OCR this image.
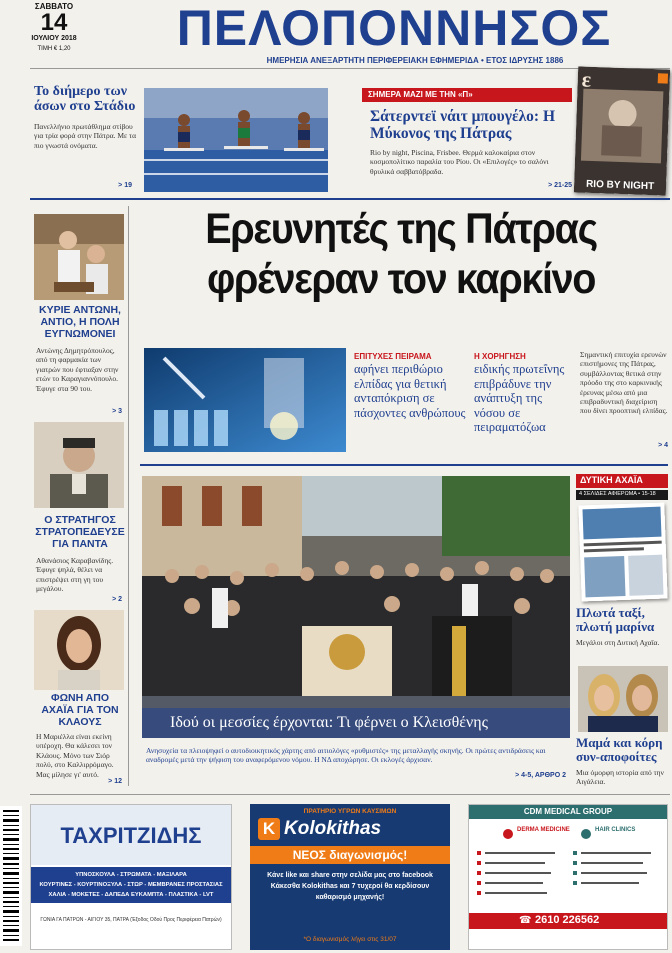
ΣΑΒΒΑΤΟ
14
ΙΟΥΛΙΟΥ 2018
ΤΙΜΗ € 1,20	ΠΕΛΟΠΟΝΝΗΣΟΣ
ΗΜΕΡΗΣΙΑ ΑΝΕΞΑΡΤΗΤΗ ΠΕΡΙΦΕΡΕΙΑΚΗ ΕΦΗΜΕΡΙΔΑ • ΕΤΟΣ ΙΔΡΥΣΗΣ 1886
Το διήμερο των άσων στο Στάδιο
Πανελλήνιο πρωτάθλημα στίβου για τρία φορά στην Πάτρα. Με τα πιο γνωστά ονόματα.
> 19
ΣΗΜΕΡΑ ΜΑΖΙ ΜΕ ΤΗΝ «Π»
Σάτερντεϊ νάιτ μπουγέλο: Η Μύκονος της Πάτρας
Rio by night, Piscina, Frisbee. Θερμά καλοκαίρια στον κοσμοπολίτικο παραλία του Ρίου. Οι «Επιλογές» το σαλόνι θρυλικά σαββατόβραδα.
> 21-25
ε
RIO BY NIGHT
ΚΥΡΙΕ ΑΝΤΩΝΗ, ΑΝΤΙΟ, Η ΠΟΛΗ ΕΥΓΝΩΜΟΝΕΙ
Αντώνης Δημητρόπουλος, από τη φαρμακία των γιατρών που έφτιαξαν στην ετών το Καραγιαννόπουλο. Έφυγε στα 90 του.
> 3
Ο ΣΤΡΑΤΗΓΟΣ ΣΤΡΑΤΟΠΕΔΕΥΣΕ ΓΙΑ ΠΑΝΤΑ
Αθανάσιος Καραβανίδης. Έφυγε ψηλά, θέλει να επιστρέψει στη γη του μεγάλου.
> 2
ΦΩΝΗ ΑΠΟ ΑΧΑΪΑ ΓΙΑ ΤΟΝ ΚΛΑΟΥΣ
Η Μαριέλλα είναι εκείνη υπέροχη. Θα κάλεσει τον Κλάους. Μόνο των Σιόρ πολύ, στο Καλλιρρόμαγο. Μας μίλησε γι' αυτό.
> 12
Ερευνητές της Πάτρας
φρένεραν τον καρκίνο
ΕΠΙΤΥΧΕΣ ΠΕΙΡΑΜΑ
αφήνει περιθώριο ελπίδας για θετική ανταπόκριση σε πάσχοντες ανθρώπους
Η ΧΟΡΗΓΗΣΗ
ειδικής πρωτεΐνης επιβράδυνε την ανάπτυξη της νόσου σε πειραματόζωα
Σημαντική επιτυχία ερευνών επιστήμονες της Πάτρας, συμβάλλοντας θετικά στην πρόοδο της στο καρκινικής έρευνας μέσω από μια επιβραδυντική διαχείριση που δίνει προοπτική ελπίδας.
> 4
Ιδού οι μεσσίες έρχονται: Τι φέρνει ο Κλεισθένης
Ανησυχεία τα πλειοψηφεί ο αυτοδιοικητικός χάρτης από αιτιολόγες «ρυθμιστές» της μεταλλαγής σκηνής. Οι πρώτες αντιδράσεις και αναδρομές μετά την ψήφιση του αναφερόμενου νόμου. Η ΝΔ αποχώρησε. Οι εκλογές άρχισαν.
> 4-5, ΑΡΘΡΟ 2
ΔΥΤΙΚΗ ΑΧΑΪΑ
4 ΣΕΛΙΔΕΣ ΑΦΙΕΡΩΜΑ • 15-18
Πλωτά ταξί, πλωτή μαρίνα
Μεγάλοι στη Δυτική Αχαΐα.
Μαμά και κόρη συν-αποφοίτες
Μια όμορφη ιστορία από την Αιγάλεια.
ΤΑΧΡΙΤΖΙΔΗΣ
ΥΠΝΟΣΚΟΥΛΑ - ΣΤΡΩΜΑΤΑ - ΜΑΞΙΛΑΡΑ
ΚΟΥΡΤΙΝΕΣ - ΚΟΥΡΤΙΝΟΞΥΛΑ - ΣΤΩΡ - ΜΕΜΒΡΑΝΕΣ ΠΡΟΣΤΑΣΙΑΣ
ΧΑΛΙΑ - ΜΟΚΕΤΕΣ - ΔΑΠΕΔΑ ΕΥΚΑΜΠΤΑ - ΠΛΑΣΤΙΚΑ - LVT
ΓΩΝΙΑ ΓΑ ΠΑΤΡΩΝ - ΑΙΓΙΟΥ 35, ΠΑΤΡΑ (Έξοδος Οδού Προς Περιφέρεια Πατρών)
ΠΡΑΤΗΡΙΟ ΥΓΡΩΝ ΚΑΥΣΙΜΩΝ
K Kolokithas
ΝΕΟΣ διαγωνισμός!
Κάνε like και share στην σελίδα μας στο facebook Κάκεσθα Kolokithas και 7 τυχεροί θα κερδίσουν καθαρισμό μηχανής!
*Ο διαγωνισμός λήγει στις 31/07
CDM MEDICAL GROUP
DERMA MEDICINE	HAIR CLINICS
2610 226562
☎
